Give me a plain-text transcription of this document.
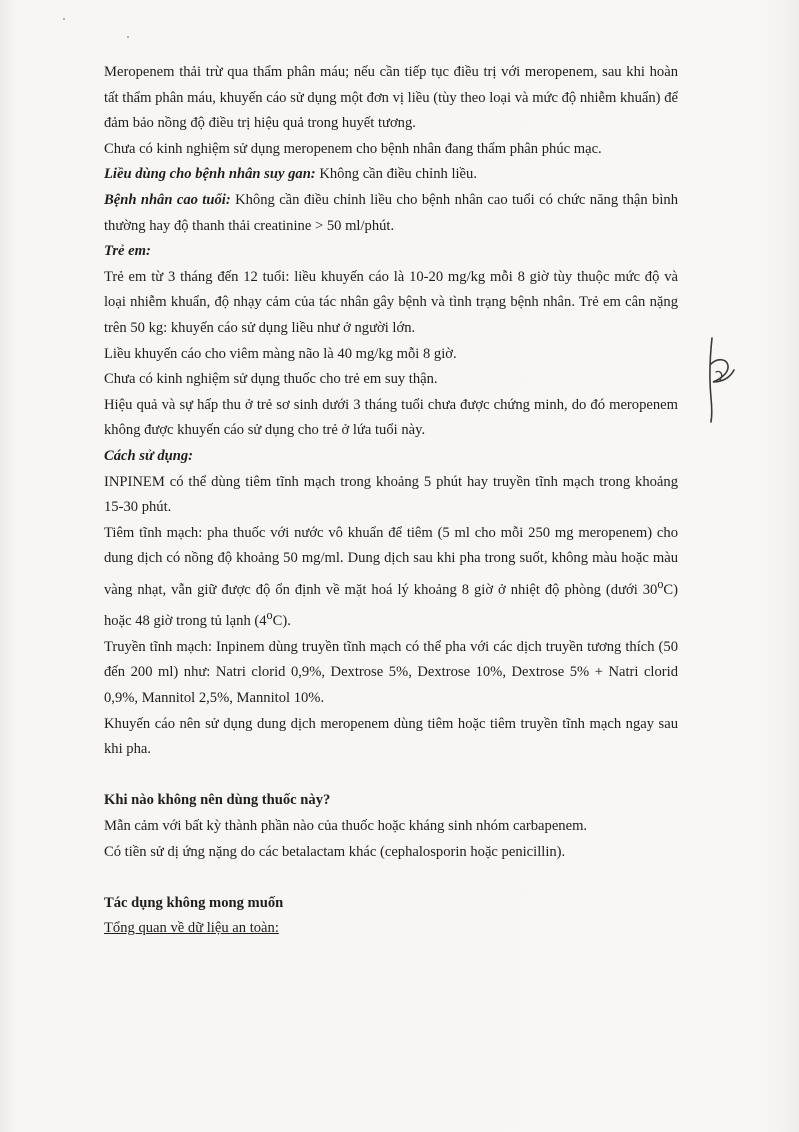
Meropenem thải trừ qua thẩm phân máu; nếu cần tiếp tục điều trị với meropenem, sau khi hoàn tất thẩm phân máu, khuyến cáo sử dụng một đơn vị liều (tùy theo loại và mức độ nhiễm khuẩn) để đảm bảo nồng độ điều trị hiệu quả trong huyết tương.

Chưa có kinh nghiệm sử dụng meropenem cho bệnh nhân đang thẩm phân phúc mạc.

Liều dùng cho bệnh nhân suy gan: Không cần điều chỉnh liều.

Bệnh nhân cao tuổi: Không cần điều chỉnh liều cho bệnh nhân cao tuổi có chức năng thận bình thường hay độ thanh thải creatinine > 50 ml/phút.

Trẻ em:

Trẻ em từ 3 tháng đến 12 tuổi: liều khuyến cáo là 10-20 mg/kg mỗi 8 giờ tùy thuộc mức độ và loại nhiễm khuẩn, độ nhạy cảm của tác nhân gây bệnh và tình trạng bệnh nhân. Trẻ em cân nặng trên 50 kg: khuyến cáo sử dụng liều như ở người lớn.

Liều khuyến cáo cho viêm màng não là 40 mg/kg mỗi 8 giờ.

Chưa có kinh nghiệm sử dụng thuốc cho trẻ em suy thận.

Hiệu quả và sự hấp thu ở trẻ sơ sinh dưới 3 tháng tuổi chưa được chứng minh, do đó meropenem không được khuyến cáo sử dụng cho trẻ ở lứa tuổi này.

Cách sử dụng:

INPINEM có thể dùng tiêm tĩnh mạch trong khoảng 5 phút hay truyền tĩnh mạch trong khoảng 15-30 phút.

Tiêm tĩnh mạch: pha thuốc với nước vô khuẩn để tiêm (5 ml cho mỗi 250 mg meropenem) cho dung dịch có nồng độ khoảng 50 mg/ml. Dung dịch sau khi pha trong suốt, không màu hoặc màu vàng nhạt, vẫn giữ được độ ổn định về mặt hoá lý khoảng 8 giờ ở nhiệt độ phòng (dưới 30$^o$C) hoặc 48 giờ trong tủ lạnh (4$^o$C).

Truyền tĩnh mạch: Inpinem dùng truyền tĩnh mạch có thể pha với các dịch truyền tương thích (50 đến 200 ml) như: Natri clorid 0,9%, Dextrose 5%, Dextrose 10%, Dextrose 5% + Natri clorid 0,9%, Mannitol 2,5%, Mannitol 10%.

Khuyến cáo nên sử dụng dung dịch meropenem dùng tiêm hoặc tiêm truyền tĩnh mạch ngay sau khi pha.

Khi nào không nên dùng thuốc này?

Mẫn cảm với bất kỳ thành phần nào của thuốc hoặc kháng sinh nhóm carbapenem.

Có tiền sử dị ứng nặng do các betalactam khác (cephalosporin hoặc penicillin).

Tác dụng không mong muốn

Tổng quan về dữ liệu an toàn:
